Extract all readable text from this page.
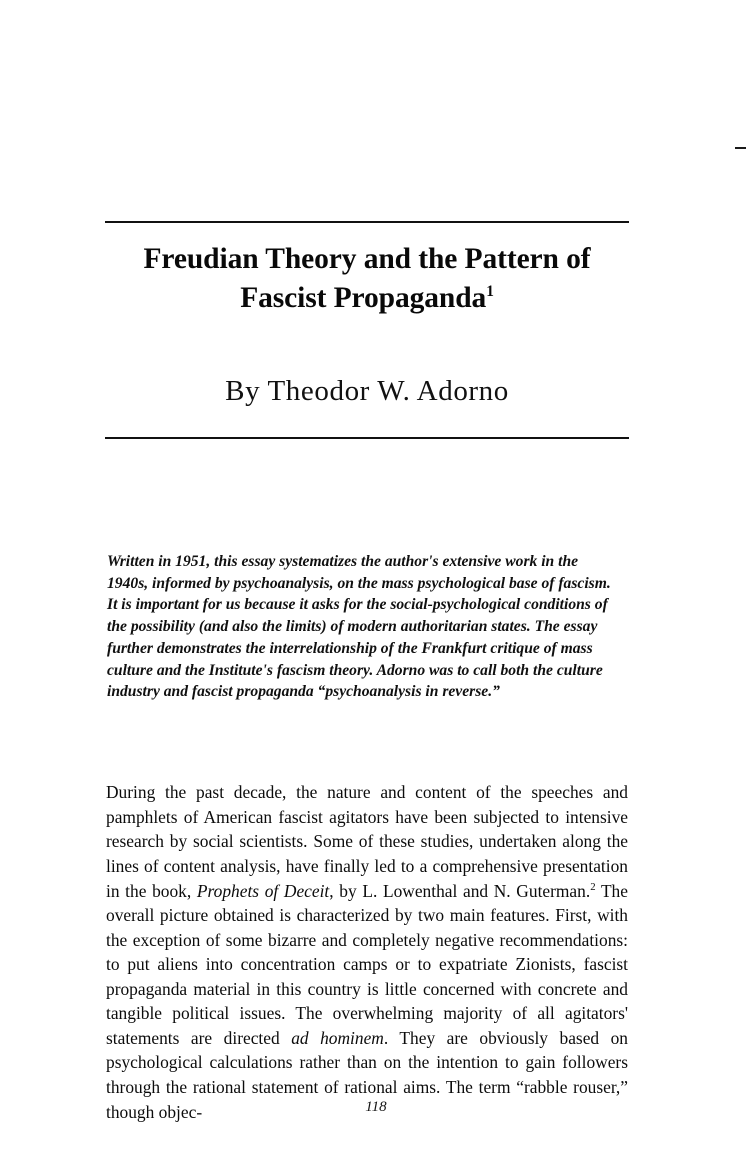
Freudian Theory and the Pattern of
Fascist Propaganda$^1$
By Theodor W. Adorno
Written in 1951, this essay systematizes the author's extensive work in the 1940s, informed by psychoanalysis, on the mass psychological base of fascism. It is important for us because it asks for the social-psychological conditions of the possibility (and also the limits) of modern authoritarian states. The essay further demonstrates the interrelationship of the Frankfurt critique of mass culture and the Institute's fascism theory. Adorno was to call both the culture industry and fascist propaganda “psychoanalysis in reverse.”

During the past decade, the nature and content of the speeches and pamphlets of American fascist agitators have been subjected to intensive research by social scientists. Some of these studies, undertaken along the lines of content analysis, have finally led to a comprehensive presentation in the book, Prophets of Deceit, by L. Lowenthal and N. Guterman.$^2$ The overall picture obtained is characterized by two main features. First, with the exception of some bizarre and completely negative recommendations: to put aliens into concentration camps or to expatriate Zionists, fascist propaganda material in this country is little concerned with concrete and tangible political issues. The overwhelming majority of all agitators' statements are directed ad hominem. They are obviously based on psychological calculations rather than on the intention to gain followers through the rational statement of rational aims. The term “rabble rouser,” though objec-	118
